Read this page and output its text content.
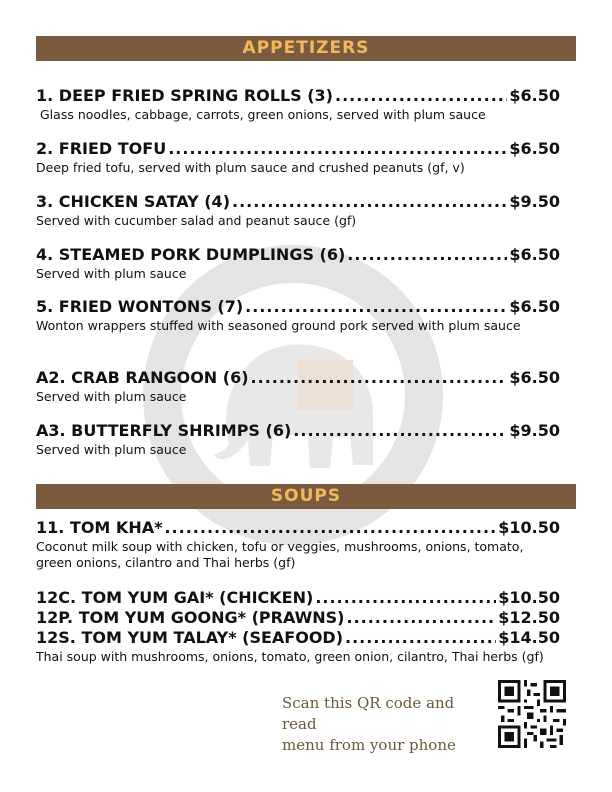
APPETIZERS
1. DEEP FRIED SPRING ROLLS (3) .....	$6.50
Glass noodles, cabbage, carrots, green onions, served with plum sauce
2. FRIED TOFU .....	$6.50
Deep fried tofu, served with plum sauce and crushed peanuts (gf, v)
3. CHICKEN SATAY (4) .....	$9.50
Served with cucumber salad and peanut sauce (gf)
4. STEAMED PORK DUMPLINGS (6) .....	$6.50
Served with plum sauce
5. FRIED WONTONS (7) .....	$6.50
Wonton wrappers stuffed with seasoned ground pork served with plum sauce
A2. CRAB RANGOON (6) .....	$6.50
Served with plum sauce
A3. BUTTERFLY SHRIMPS (6) .....	$9.50
Served with plum sauce
SOUPS
11. TOM KHA* .....	$10.50
Coconut milk soup with chicken, tofu or veggies, mushrooms, onions, tomato, green onions, cilantro and Thai herbs (gf)
12C. TOM YUM GAI* (CHICKEN) .....	$10.50
12P. TOM YUM GOONG* (PRAWNS) .....	$12.50
12S. TOM YUM TALAY* (SEAFOOD) .....	$14.50
Thai soup with mushrooms, onions, tomato, green onion, cilantro, Thai herbs (gf)
Scan this QR code and read
menu from your phone
